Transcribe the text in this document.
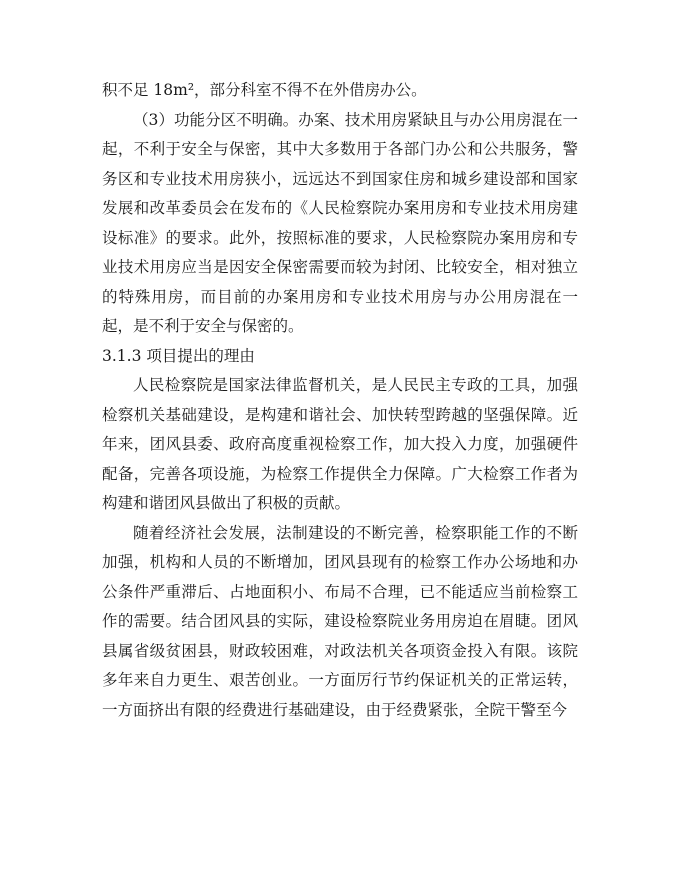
积不足 18m²，部分科室不得不在外借房办公。

（3）功能分区不明确。办案、技术用房紧缺且与办公用房混在一起，不利于安全与保密，其中大多数用于各部门办公和公共服务，警务区和专业技术用房狭小，远远达不到国家住房和城乡建设部和国家发展和改革委员会在发布的《人民检察院办案用房和专业技术用房建设标准》的要求。此外，按照标准的要求，人民检察院办案用房和专业技术用房应当是因安全保密需要而较为封闭、比较安全，相对独立的特殊用房，而目前的办案用房和专业技术用房与办公用房混在一起，是不利于安全与保密的。

3.1.3 项目提出的理由

人民检察院是国家法律监督机关，是人民民主专政的工具，加强检察机关基础建设，是构建和谐社会、加快转型跨越的坚强保障。近年来，团风县委、政府高度重视检察工作，加大投入力度，加强硬件配备，完善各项设施，为检察工作提供全力保障。广大检察工作者为构建和谐团风县做出了积极的贡献。

随着经济社会发展，法制建设的不断完善，检察职能工作的不断加强，机构和人员的不断增加，团风县现有的检察工作办公场地和办公条件严重滞后、占地面积小、布局不合理，已不能适应当前检察工作的需要。结合团风县的实际，建设检察院业务用房迫在眉睫。团风县属省级贫困县，财政较困难，对政法机关各项资金投入有限。该院多年来自力更生、艰苦创业。一方面厉行节约保证机关的正常运转，一方面挤出有限的经费进行基础建设，由于经费紧张，全院干警至今
